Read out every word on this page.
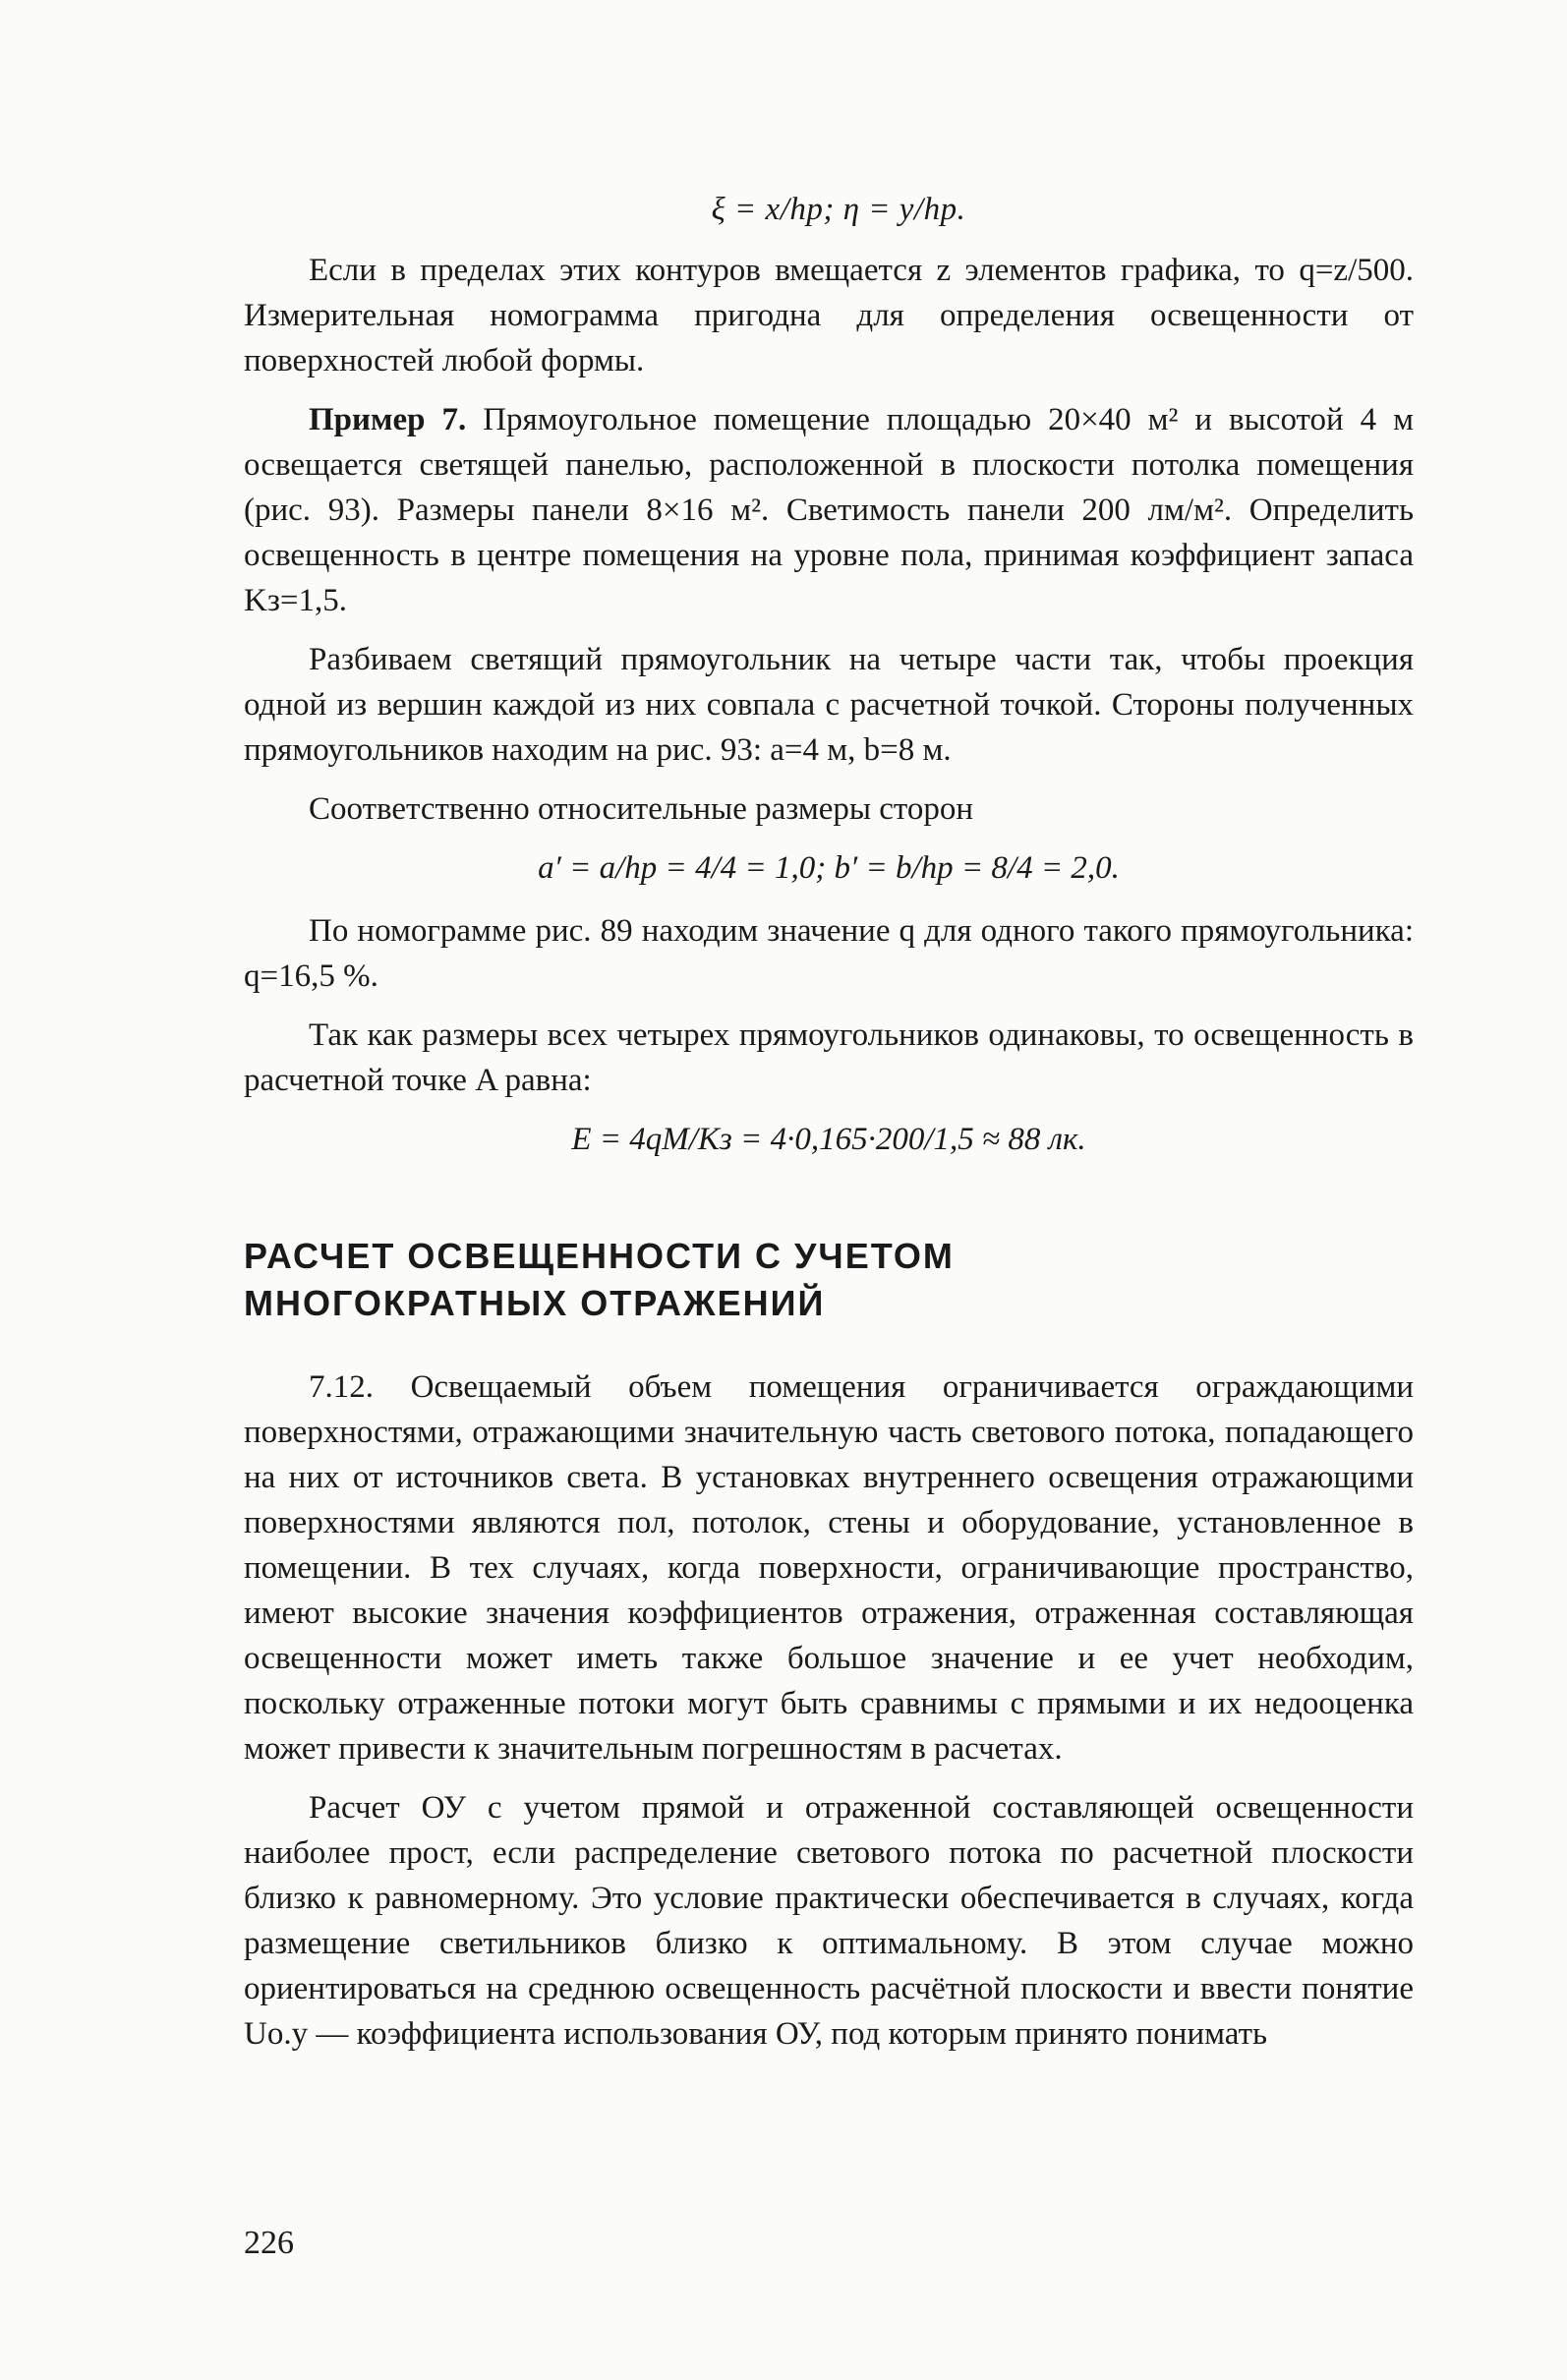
ξ = x/hр; η = y/hр.

Если в пределах этих контуров вмещается z элементов графика, то q=z/500. Измерительная номограмма пригодна для определения освещенности от поверхностей любой формы.

Пример 7. Прямоугольное помещение площадью 20×40 м² и высотой 4 м освещается светящей панелью, расположенной в плоскости потолка помещения (рис. 93). Размеры панели 8×16 м². Светимость панели 200 лм/м². Определить освещенность в центре помещения на уровне пола, принимая коэффициент запаса Kз=1,5.

Разбиваем светящий прямоугольник на четыре части так, чтобы проекция одной из вершин каждой из них совпала с расчетной точкой. Стороны полученных прямоугольников находим на рис. 93: a=4 м, b=8 м.

Соответственно относительные размеры сторон

a′ = a/hр = 4/4 = 1,0; b′ = b/hр = 8/4 = 2,0.

По номограмме рис. 89 находим значение q для одного такого прямоугольника: q=16,5 %.

Так как размеры всех четырех прямоугольников одинаковы, то освещенность в расчетной точке A равна:

E = 4qM/Kз = 4·0,165·200/1,5 ≈ 88 лк.
РАСЧЕТ ОСВЕЩЕННОСТИ С УЧЕТОМ
МНОГОКРАТНЫХ ОТРАЖЕНИЙ

7.12. Освещаемый объем помещения ограничивается ограждающими поверхностями, отражающими значительную часть светового потока, попадающего на них от источников света. В установках внутреннего освещения отражающими поверхностями являются пол, потолок, стены и оборудование, установленное в помещении. В тех случаях, когда поверхности, ограничивающие пространство, имеют высокие значения коэффициентов отражения, отраженная составляющая освещенности может иметь также большое значение и ее учет необходим, поскольку отраженные потоки могут быть сравнимы с прямыми и их недооценка может привести к значительным погрешностям в расчетах.

Расчет ОУ с учетом прямой и отраженной составляющей освещенности наиболее прост, если распределение светового потока по расчетной плоскости близко к равномерному. Это условие практически обеспечивается в случаях, когда размещение светильников близко к оптимальному. В этом случае можно ориентироваться на среднюю освещенность расчётной плоскости и ввести понятие Uо.у — коэффициента использования ОУ, под которым принято понимать

226
